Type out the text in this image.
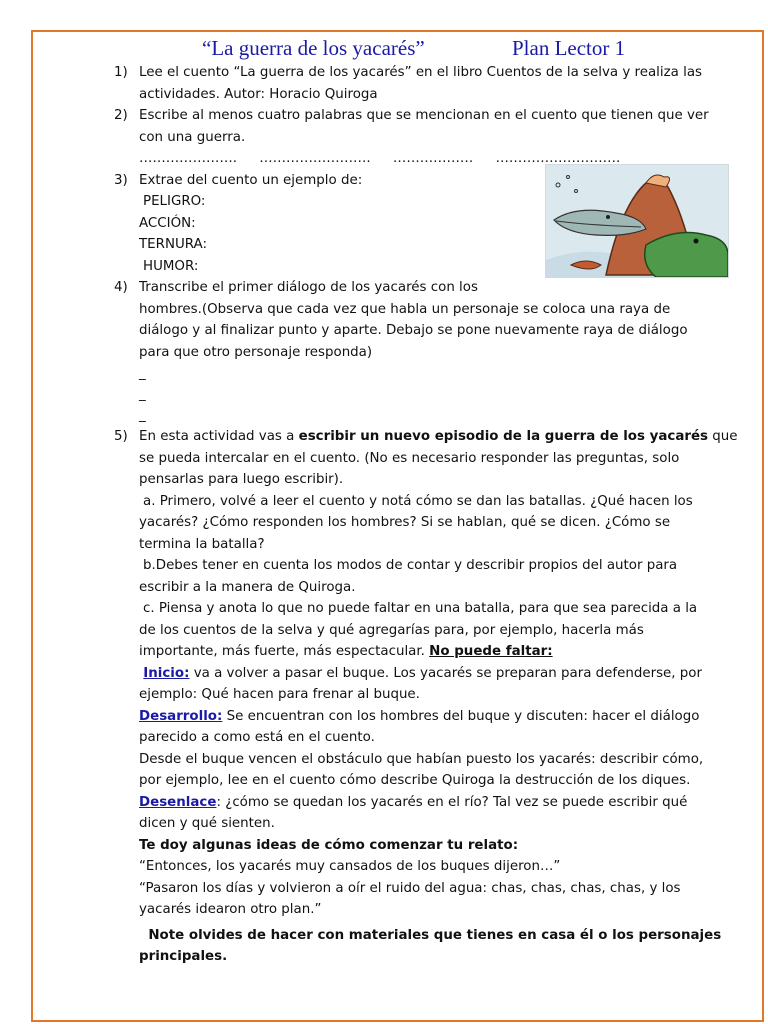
“La guerra de los yacarés”	Plan Lector 1
1) Lee el cuento “La guerra de los yacarés” en el libro Cuentos de la selva y realiza las
actividades. Autor: Horacio Quiroga
2) Escribe al menos cuatro palabras que se mencionan en el cuento que tienen que ver
con una guerra.
…………………. ……………………. ……………… ……………………….
3) Extrae del cuento un ejemplo de:
PELIGRO:
ACCIÓN:
TERNURA:
HUMOR:
4) Transcribe el primer diálogo de los yacarés con los
hombres.(Observa que cada vez que habla un personaje se coloca una raya de
diálogo y al finalizar punto y aparte. Debajo se pone nuevamente raya de diálogo
para que otro personaje responda)
_
_
_
5) En esta actividad vas a escribir un nuevo episodio de la guerra de los yacarés que
se pueda intercalar en el cuento. (No es necesario responder las preguntas, solo
pensarlas para luego escribir).
a. Primero, volvé a leer el cuento y notá cómo se dan las batallas. ¿Qué hacen los
yacarés? ¿Cómo responden los hombres? Si se hablan, qué se dicen. ¿Cómo se
termina la batalla?
b.Debes tener en cuenta los modos de contar y describir propios del autor para
escribir a la manera de Quiroga.
c. Piensa y anota lo que no puede faltar en una batalla, para que sea parecida a la
de los cuentos de la selva y qué agregarías para, por ejemplo, hacerla más
importante, más fuerte, más espectacular. No puede faltar:
Inicio: va a volver a pasar el buque. Los yacarés se preparan para defenderse, por
ejemplo: Qué hacen para frenar al buque.
Desarrollo: Se encuentran con los hombres del buque y discuten: hacer el diálogo
parecido a como está en el cuento.
Desde el buque vencen el obstáculo que habían puesto los yacarés: describir cómo,
por ejemplo, lee en el cuento cómo describe Quiroga la destrucción de los diques.
Desenlace: ¿cómo se quedan los yacarés en el río? Tal vez se puede escribir qué
dicen y qué sienten.
Te doy algunas ideas de cómo comenzar tu relato:
“Entonces, los yacarés muy cansados de los buques dijeron…”
“Pasaron los días y volvieron a oír el ruido del agua: chas, chas, chas, chas, y los
yacarés idearon otro plan.”
Note olvides de hacer con materiales que tienes en casa él o los personajes
principales.
